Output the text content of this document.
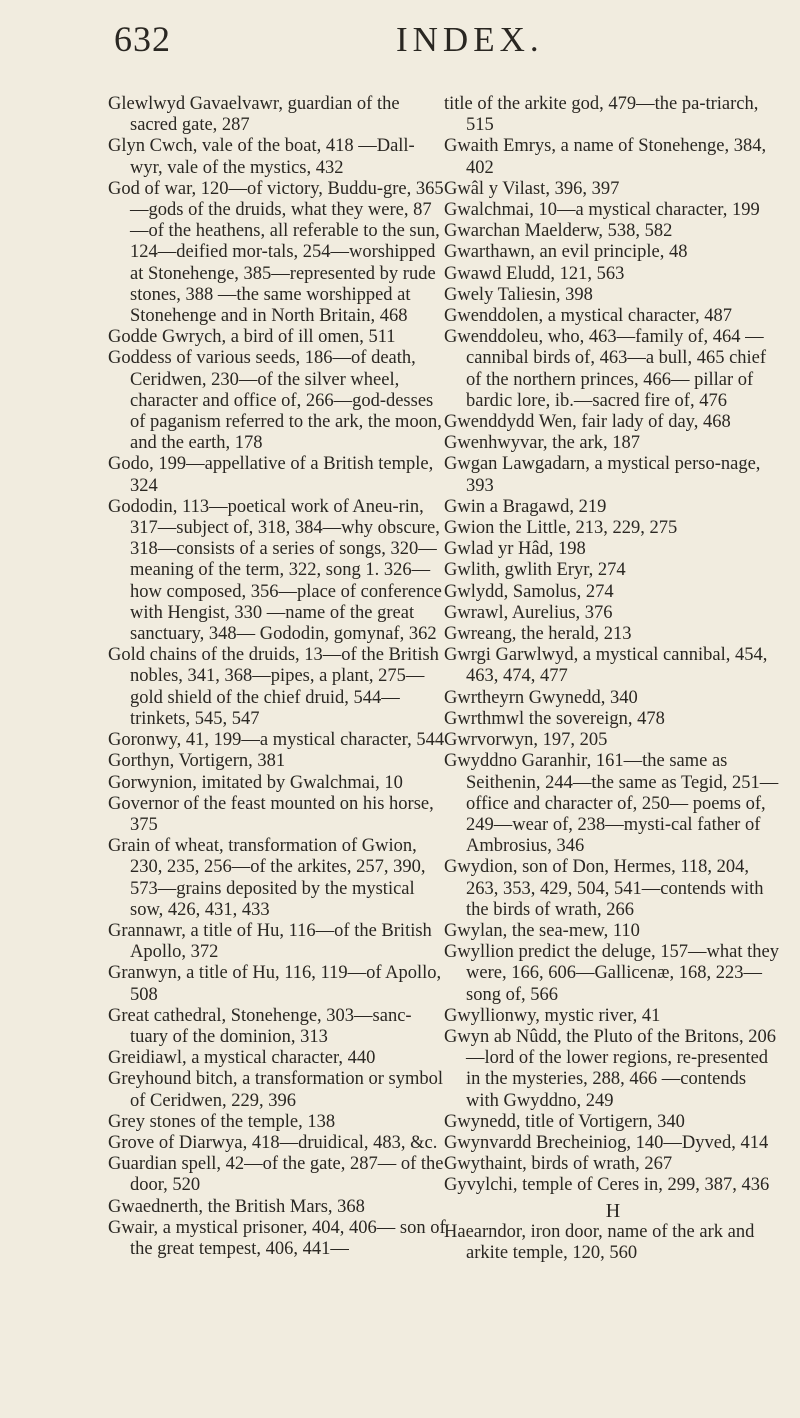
632	INDEX.

Glewlwyd Gavaelvawr, guardian of the sacred gate, 287

Glyn Cwch, vale of the boat, 418 —Dall-wyr, vale of the mystics, 432

God of war, 120—of victory, Buddu-gre, 365—gods of the druids, what they were, 87—of the heathens, all referable to the sun, 124—deified mor-tals, 254—worshipped at Stonehenge, 385—represented by rude stones, 388 —the same worshipped at Stonehenge and in North Britain, 468

Godde Gwrych, a bird of ill omen, 511

Goddess of various seeds, 186—of death, Ceridwen, 230—of the silver wheel, character and office of, 266—god-desses of paganism referred to the ark, the moon, and the earth, 178

Godo, 199—appellative of a British temple, 324

Gododin, 113—poetical work of Aneu-rin, 317—subject of, 318, 384—why obscure, 318—consists of a series of songs, 320—meaning of the term, 322, song 1. 326—how composed, 356—place of conference with Hengist, 330 —name of the great sanctuary, 348— Gododin, gomynaf, 362

Gold chains of the druids, 13—of the British nobles, 341, 368—pipes, a plant, 275—gold shield of the chief druid, 544—trinkets, 545, 547

Goronwy, 41, 199—a mystical character, 544

Gorthyn, Vortigern, 381

Gorwynion, imitated by Gwalchmai, 10

Governor of the feast mounted on his horse, 375

Grain of wheat, transformation of Gwion, 230, 235, 256—of the arkites, 257, 390, 573—grains deposited by the mystical sow, 426, 431, 433

Grannawr, a title of Hu, 116—of the British Apollo, 372

Granwyn, a title of Hu, 116, 119—of Apollo, 508

Great cathedral, Stonehenge, 303—sanc-tuary of the dominion, 313

Greidiawl, a mystical character, 440

Greyhound bitch, a transformation or symbol of Ceridwen, 229, 396

Grey stones of the temple, 138

Grove of Diarwya, 418—druidical, 483, &c.

Guardian spell, 42—of the gate, 287— of the door, 520

Gwaednerth, the British Mars, 368

Gwair, a mystical prisoner, 404, 406— son of the great tempest, 406, 441—

title of the arkite god, 479—the pa-triarch, 515

Gwaith Emrys, a name of Stonehenge, 384, 402

Gwâl y Vilast, 396, 397

Gwalchmai, 10—a mystical character, 199

Gwarchan Maelderw, 538, 582

Gwarthawn, an evil principle, 48

Gwawd Eludd, 121, 563

Gwely Taliesin, 398

Gwenddolen, a mystical character, 487

Gwenddoleu, who, 463—family of, 464 —cannibal birds of, 463—a bull, 465 chief of the northern princes, 466— pillar of bardic lore, ib.—sacred fire of, 476

Gwenddydd Wen, fair lady of day, 468

Gwenhwyvar, the ark, 187

Gwgan Lawgadarn, a mystical perso-nage, 393

Gwin a Bragawd, 219

Gwion the Little, 213, 229, 275

Gwlad yr Hâd, 198

Gwlith, gwlith Eryr, 274

Gwlydd, Samolus, 274

Gwrawl, Aurelius, 376

Gwreang, the herald, 213

Gwrgi Garwlwyd, a mystical cannibal, 454, 463, 474, 477

Gwrtheyrn Gwynedd, 340

Gwrthmwl the sovereign, 478

Gwrvorwyn, 197, 205

Gwyddno Garanhir, 161—the same as Seithenin, 244—the same as Tegid, 251—office and character of, 250— poems of, 249—wear of, 238—mysti-cal father of Ambrosius, 346

Gwydion, son of Don, Hermes, 118, 204, 263, 353, 429, 504, 541—contends with the birds of wrath, 266

Gwylan, the sea-mew, 110

Gwyllion predict the deluge, 157—what they were, 166, 606—Gallicenæ, 168, 223—song of, 566

Gwyllionwy, mystic river, 41

Gwyn ab Nûdd, the Pluto of the Britons, 206—lord of the lower regions, re-presented in the mysteries, 288, 466 —contends with Gwyddno, 249

Gwynedd, title of Vortigern, 340

Gwynvardd Brecheiniog, 140—Dyved, 414

Gwythaint, birds of wrath, 267

Gyvylchi, temple of Ceres in, 299, 387, 436

H

Haearndor, iron door, name of the ark and arkite temple, 120, 560
